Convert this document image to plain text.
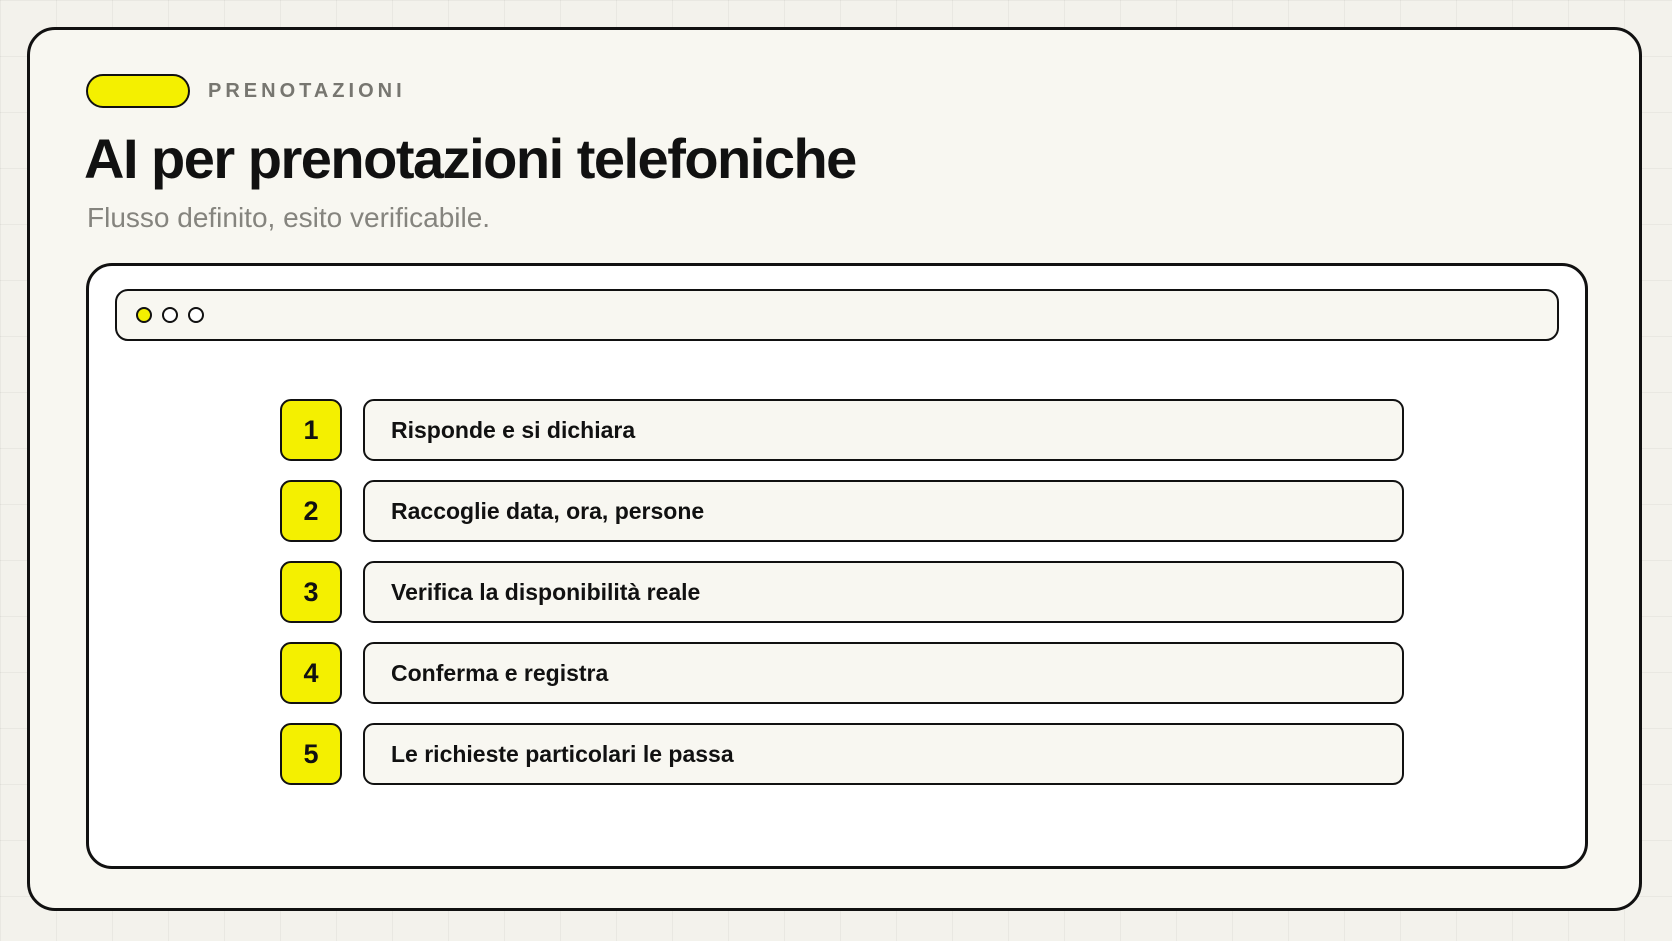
PRENOTAZIONI
AI per prenotazioni telefoniche
Flusso definito, esito verificabile.
1	Risponde e si dichiara
2	Raccoglie data, ora, persone
3	Verifica la disponibilità reale
4	Conferma e registra
5	Le richieste particolari le passa
